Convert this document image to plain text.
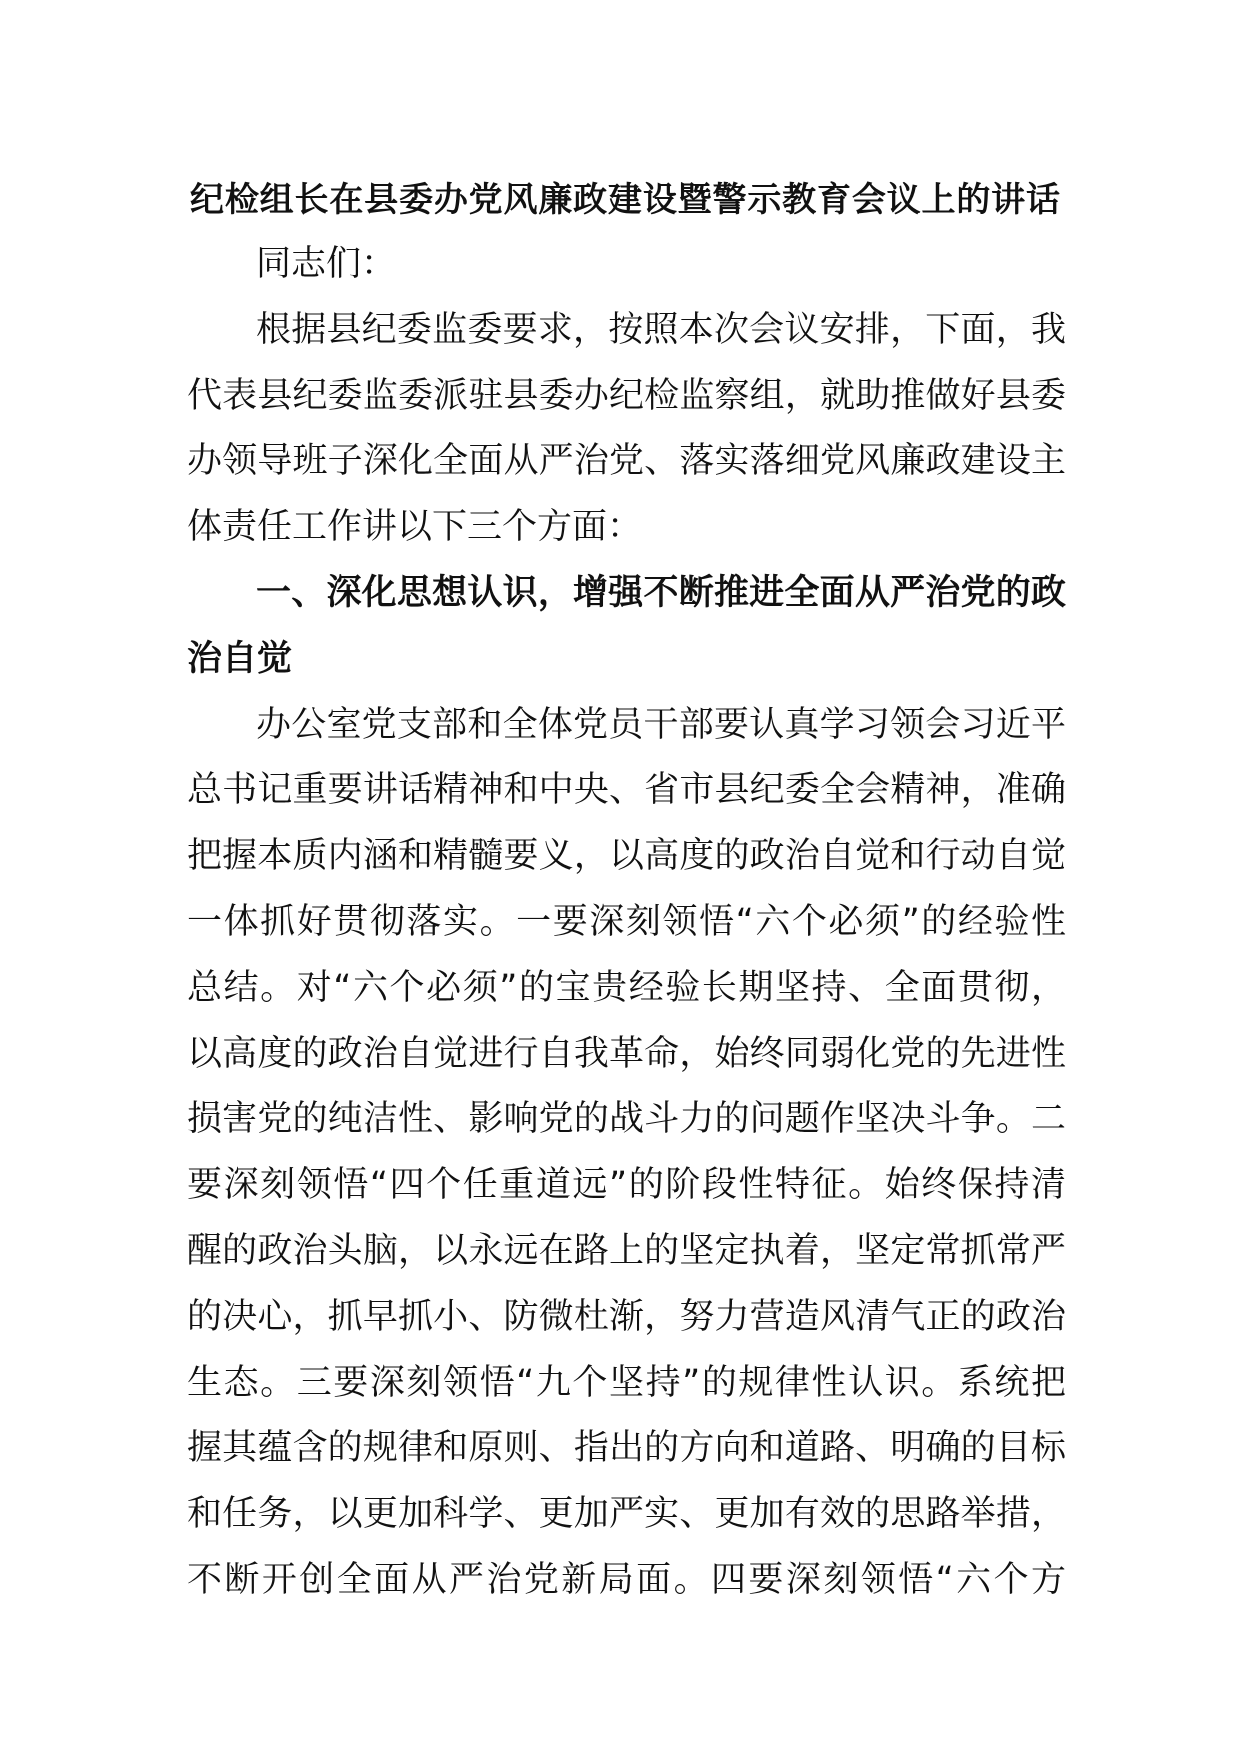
纪检组长在县委办党风廉政建设暨警示教育会议上的讲话
同志们：
根据县纪委监委要求，按照本次会议安排，下面，我
代表县纪委监委派驻县委办纪检监察组，就助推做好县委
办领导班子深化全面从严治党、落实落细党风廉政建设主
体责任工作讲以下三个方面：
一、深化思想认识，增强不断推进全面从严治党的政
治自觉
办公室党支部和全体党员干部要认真学习领会习近平
总书记重要讲话精神和中央、省市县纪委全会精神，准确
把握本质内涵和精髓要义，以高度的政治自觉和行动自觉
一体抓好贯彻落实。一要深刻领悟“六个必须”的经验性
总结。对“六个必须”的宝贵经验长期坚持、全面贯彻，
以高度的政治自觉进行自我革命，始终同弱化党的先进性
损害党的纯洁性、影响党的战斗力的问题作坚决斗争。二
要深刻领悟“四个任重道远”的阶段性特征。始终保持清
醒的政治头脑，以永远在路上的坚定执着，坚定常抓常严
的决心，抓早抓小、防微杜渐，努力营造风清气正的政治
生态。三要深刻领悟“九个坚持”的规律性认识。系统把
握其蕴含的规律和原则、指出的方向和道路、明确的目标
和任务，以更加科学、更加严实、更加有效的思路举措，
不断开创全面从严治党新局面。四要深刻领悟“六个方
